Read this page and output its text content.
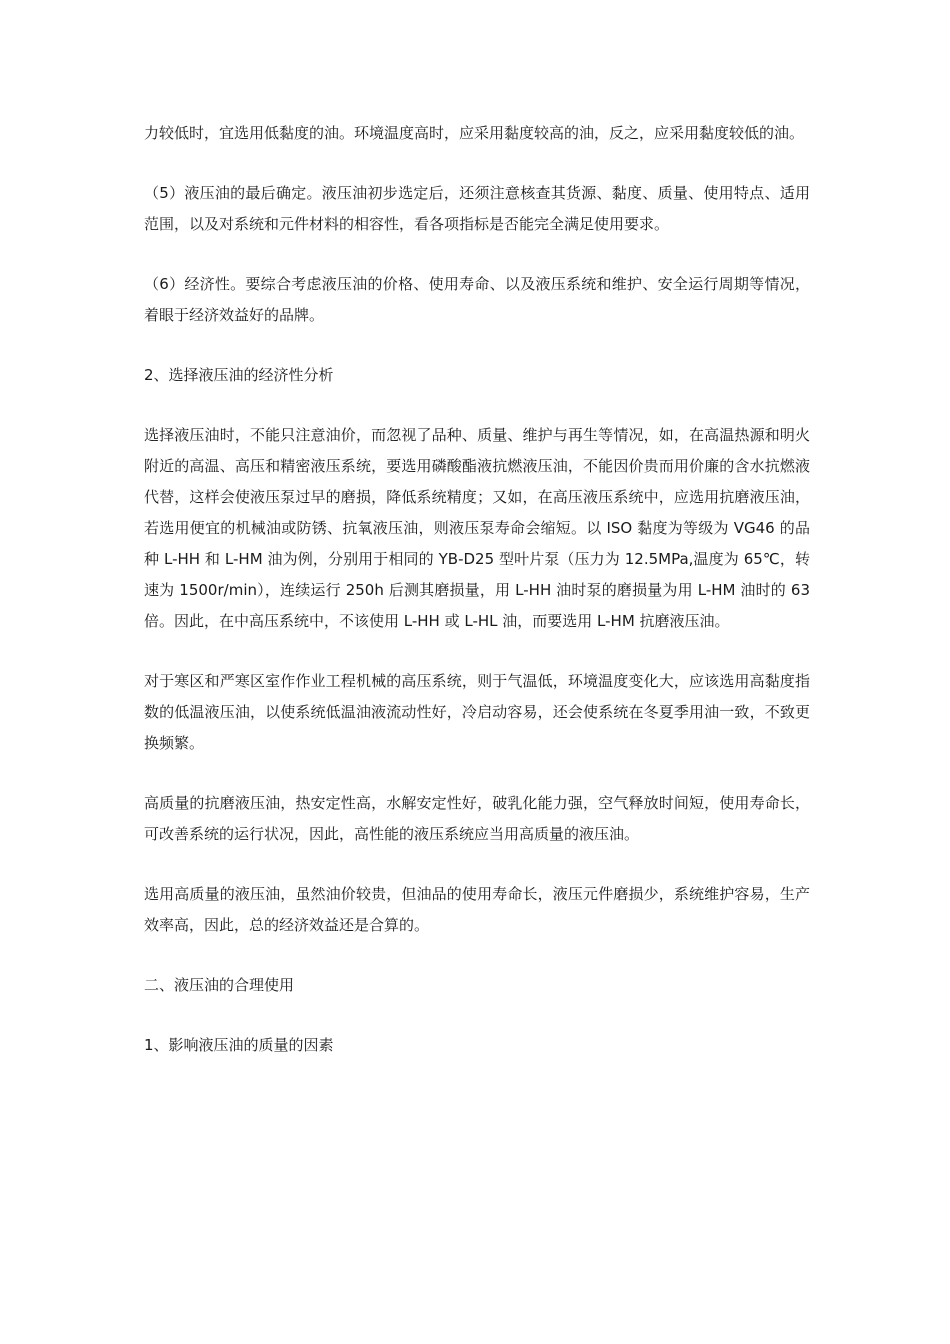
力较低时，宜选用低黏度的油。环境温度高时，应采用黏度较高的油，反之，应采用黏度较低的油。

（5）液压油的最后确定。液压油初步选定后，还须注意核查其货源、黏度、质量、使用特点、适用范围，以及对系统和元件材料的相容性，看各项指标是否能完全满足使用要求。

（6）经济性。要综合考虑液压油的价格、使用寿命、以及液压系统和维护、安全运行周期等情况，着眼于经济效益好的品牌。

2、选择液压油的经济性分析

选择液压油时，不能只注意油价，而忽视了品种、质量、维护与再生等情况，如，在高温热源和明火附近的高温、高压和精密液压系统，要选用磷酸酯液抗燃液压油，不能因价贵而用价廉的含水抗燃液代替，这样会使液压泵过早的磨损，降低系统精度；又如，在高压液压系统中，应选用抗磨液压油，若选用便宜的机械油或防锈、抗氧液压油，则液压泵寿命会缩短。以 ISO 黏度为等级为 VG46 的品种 L-HH 和 L-HM 油为例，分别用于相同的 YB-D25 型叶片泵（压力为 12.5MPa,温度为 65℃，转速为 1500r/min），连续运行 250h 后测其磨损量，用 L-HH 油时泵的磨损量为用 L-HM 油时的 63 倍。因此，在中高压系统中，不该使用 L-HH 或 L-HL 油，而要选用 L-HM 抗磨液压油。

对于寒区和严寒区室作作业工程机械的高压系统，则于气温低，环境温度变化大，应该选用高黏度指数的低温液压油，以使系统低温油液流动性好，冷启动容易，还会使系统在冬夏季用油一致，不致更换频繁。

高质量的抗磨液压油，热安定性高，水解安定性好，破乳化能力强，空气释放时间短，使用寿命长，可改善系统的运行状况，因此，高性能的液压系统应当用高质量的液压油。

选用高质量的液压油，虽然油价较贵，但油品的使用寿命长，液压元件磨损少，系统维护容易，生产效率高，因此，总的经济效益还是合算的。

二、液压油的合理使用

1、影响液压油的质量的因素
